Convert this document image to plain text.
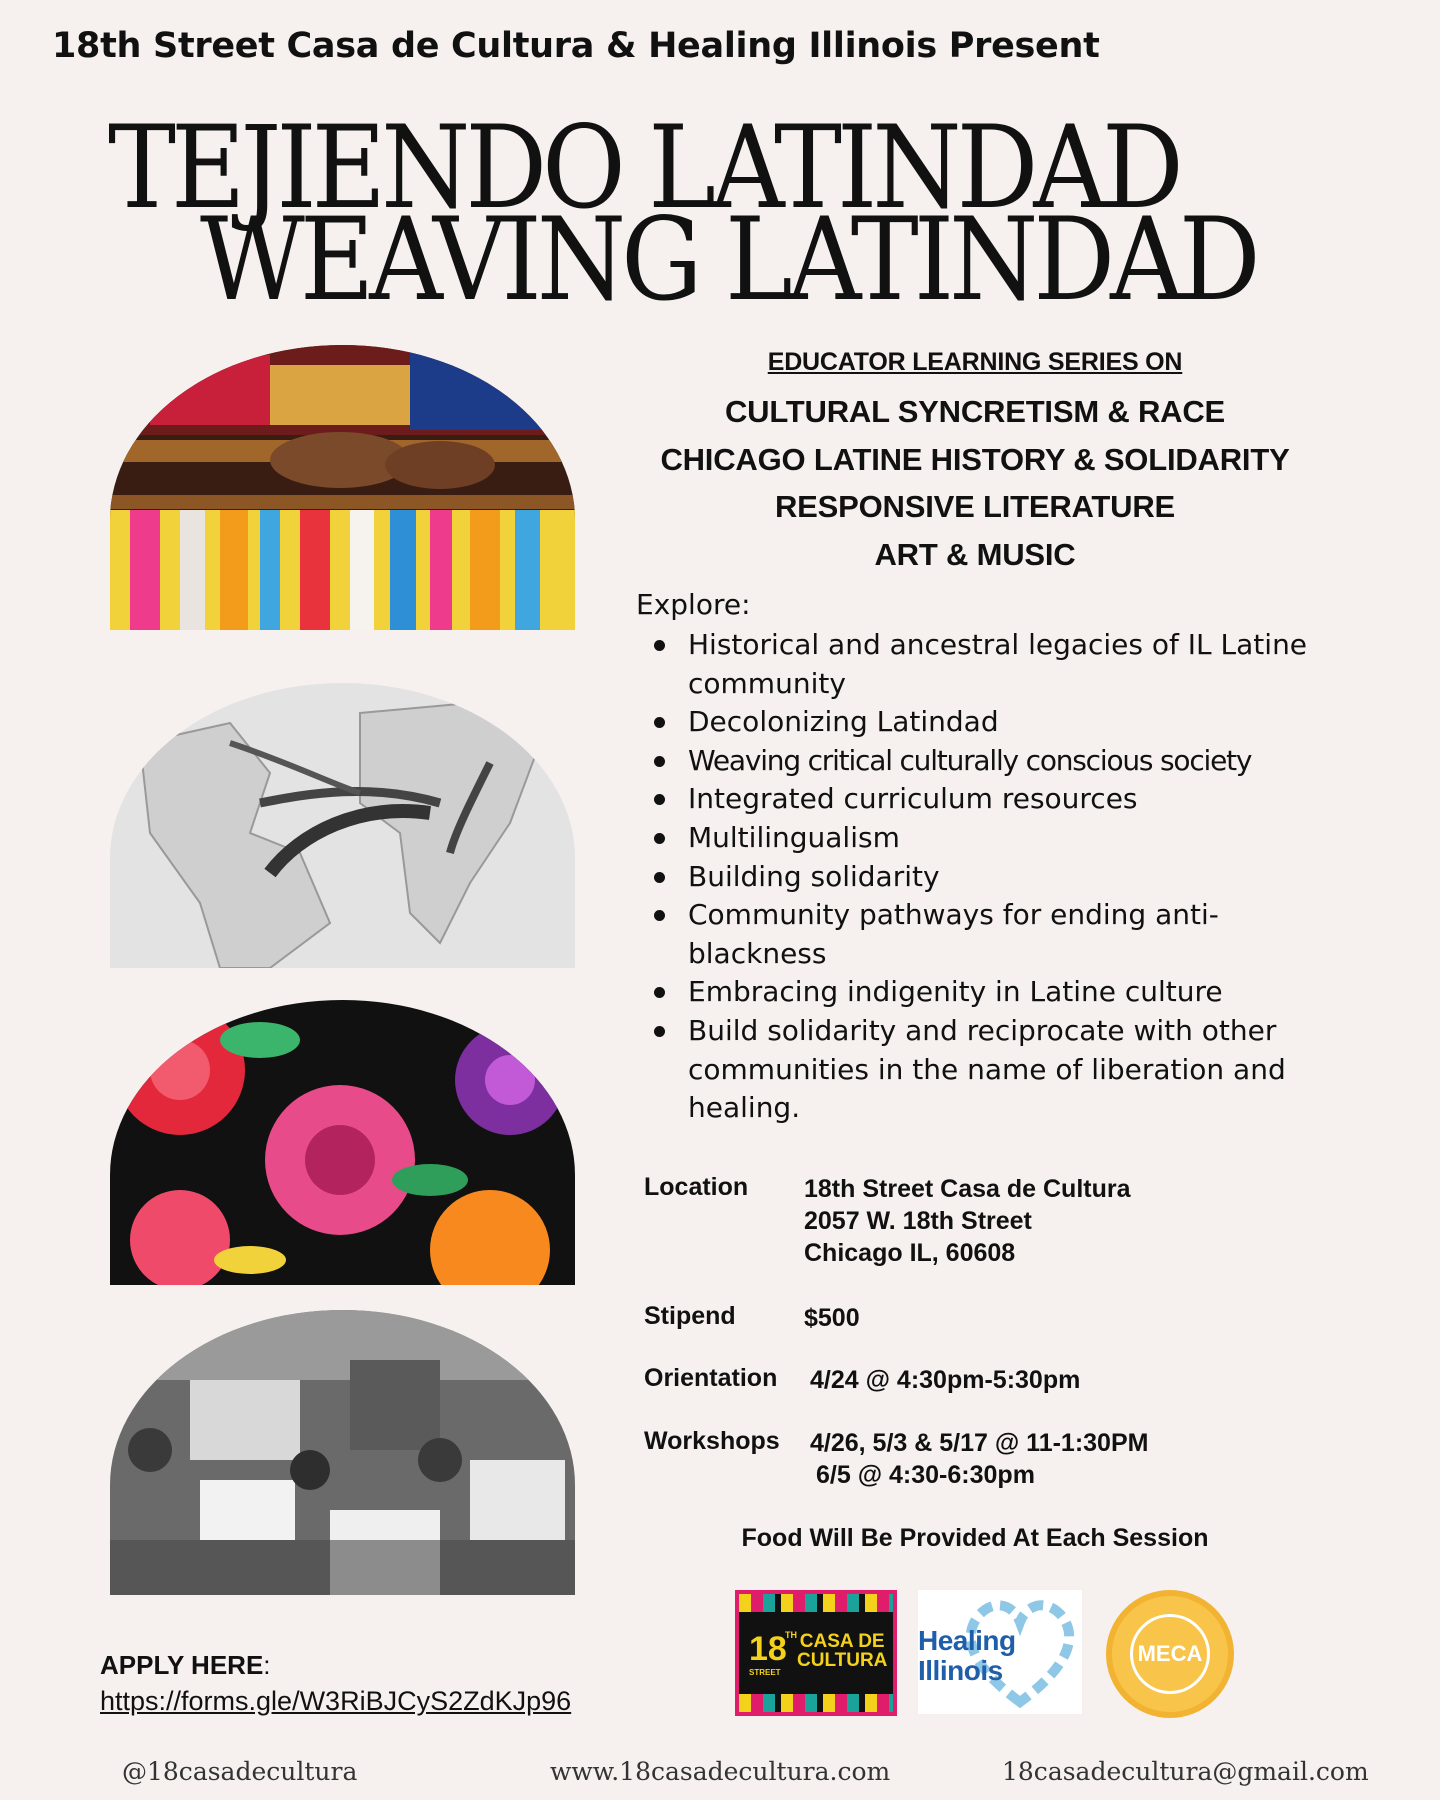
18th Street Casa de Cultura & Healing Illinois Present
TEJIENDO LATINDAD
WEAVING LATINDAD
EDUCATOR LEARNING SERIES ON
CULTURAL SYNCRETISM & RACE
CHICAGO LATINE HISTORY & SOLIDARITY
RESPONSIVE LITERATURE
ART & MUSIC
Explore:
Historical and ancestral legacies of IL Latine community
Decolonizing Latindad
Weaving critical culturally conscious society
Integrated curriculum resources
Multilingualism
Building solidarity
Community pathways for ending anti-blackness
Embracing indigenity in Latine culture
Build solidarity and reciprocate with other communities in the name of liberation and healing.
Location 18th Street Casa de Cultura
2057 W. 18th Street
Chicago IL, 60608
Stipend	$500
Orientation 4/24 @ 4:30pm-5:30pm
Workshops 4/26, 5/3 & 5/17 @ 11-1:30PM
6/5 @ 4:30-6:30pm
Food Will Be Provided At Each Session
18
STREET
TH CASA DE
CULTURA
Healing
Illinois
MECA
APPLY HERE:
https://forms.gle/W3RiBJCyS2ZdKJp96
@18casadecultura	www.18casadecultura.com	18casadecultura@gmail.com
